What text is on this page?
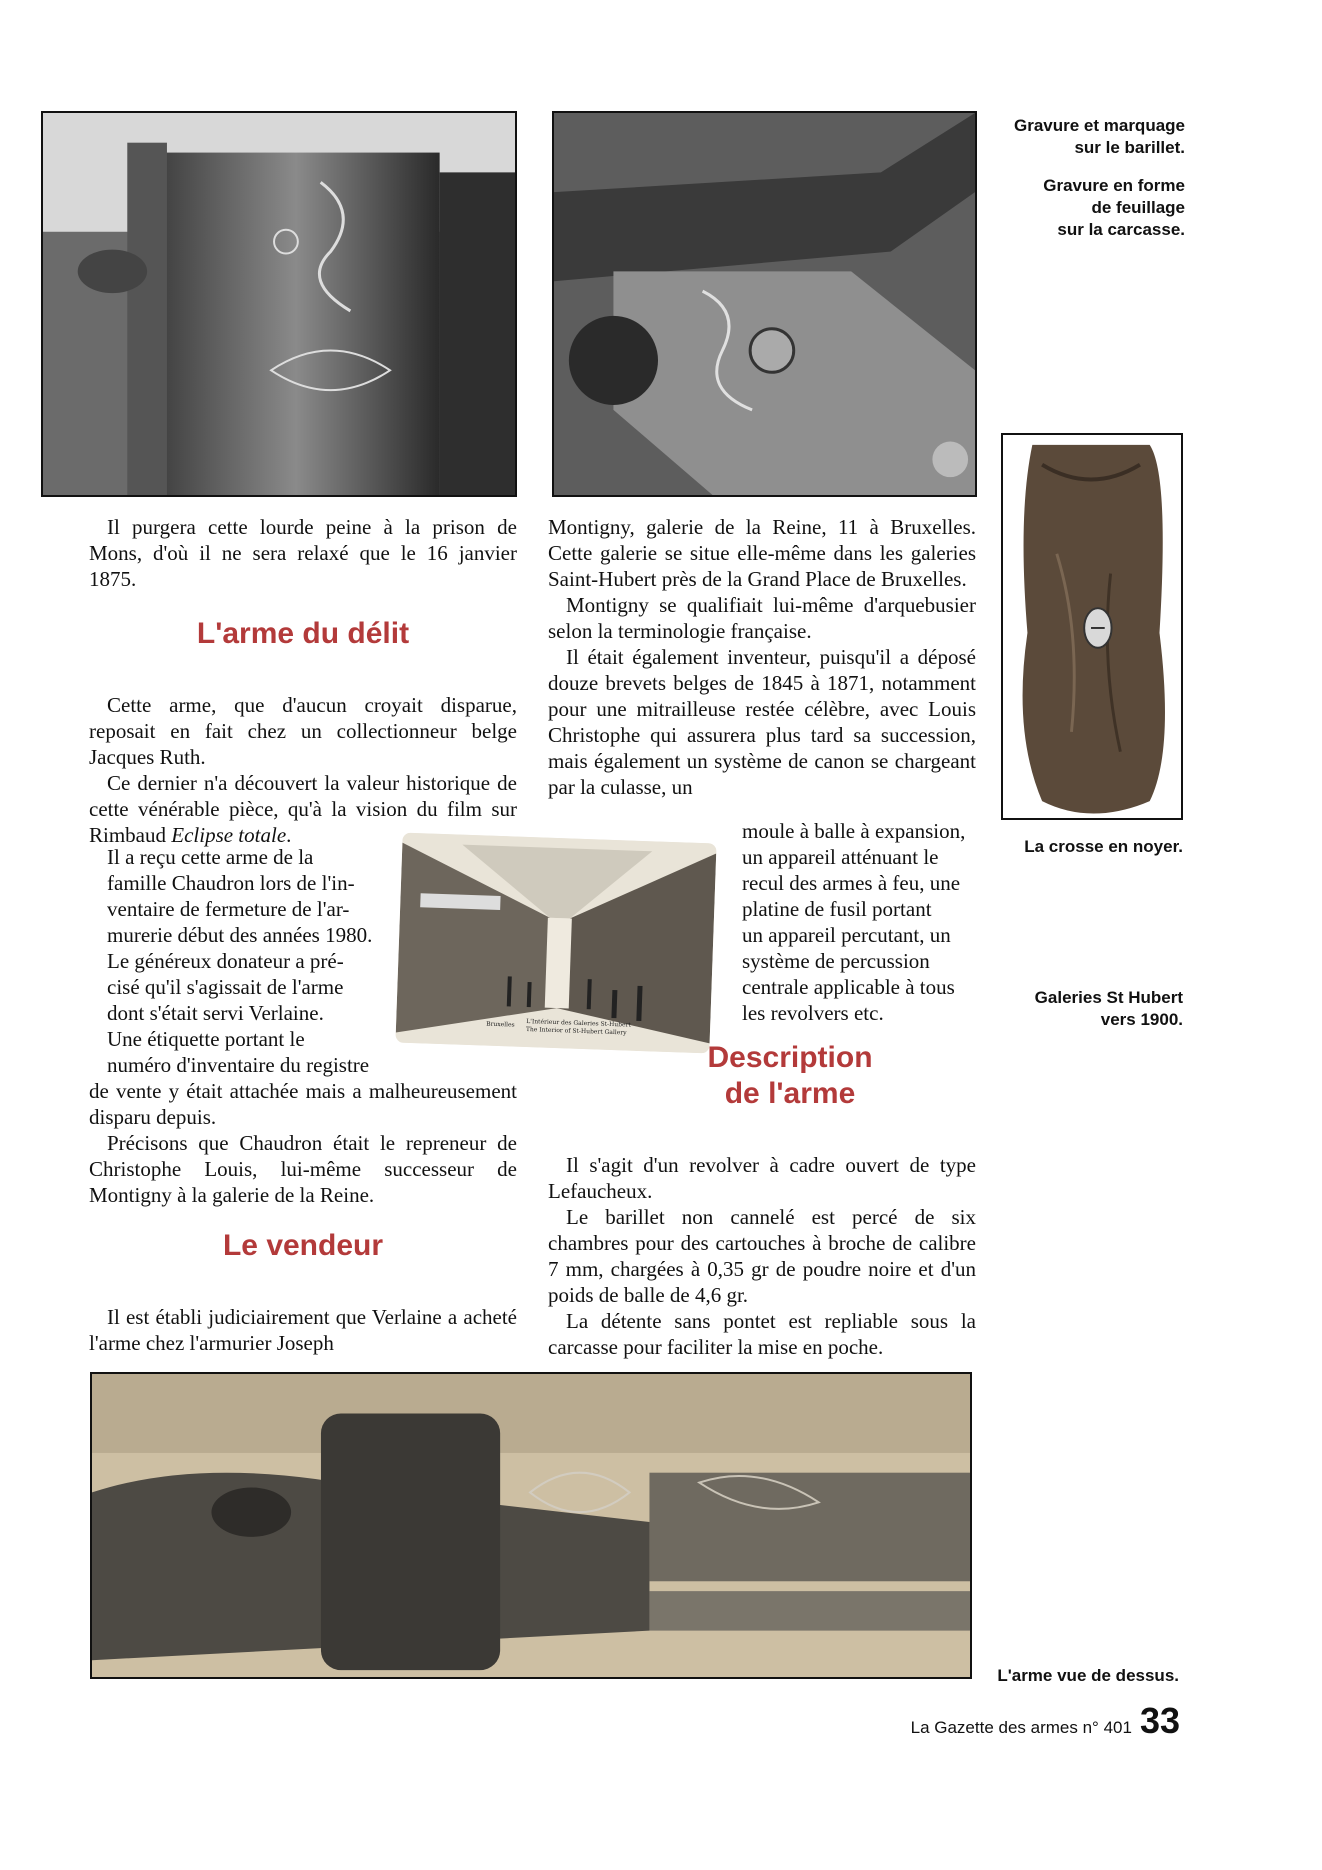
L'Intérieur des Galeries St-Hubert
The Interior of St-Hubert Gallery
Bruxelles
Gravure et marquage
sur le barillet.
Gravure en forme
de feuillage
sur la carcasse.
La crosse en noyer.
Galeries St Hubert
vers 1900.
L'arme vue de dessus.

Il purgera cette lourde peine à la prison de Mons, d'où il ne sera relaxé que le 16 janvier 1875.

L'arme du délit

Cette arme, que d'aucun croyait disparue, reposait en fait chez un collectionneur belge Jacques Ruth.

Ce dernier n'a découvert la valeur historique de cette vénérable pièce, qu'à la vision du film sur Rimbaud Eclipse totale.

Il a reçu cette arme de la

famille Chaudron lors de l'in-

ventaire de fermeture de l'ar-

murerie début des années 1980.

Le généreux donateur a pré-

cisé qu'il s'agissait de l'arme

dont s'était servi Verlaine.

Une étiquette portant le

numéro d'inventaire du registre

de vente y était attachée mais a malheureusement disparu depuis.

Précisons que Chaudron était le repreneur de Christophe Louis, lui-même successeur de Montigny à la galerie de la Reine.

Le vendeur

Il est établi judiciairement que Verlaine a acheté l'arme chez l'armurier Joseph

Montigny, galerie de la Reine, 11 à Bruxelles. Cette galerie se situe elle-même dans les galeries Saint-Hubert près de la Grand Place de Bruxelles.

Montigny se qualifiait lui-même d'arquebusier selon la terminologie française.

Il était également inventeur, puisqu'il a déposé douze brevets belges de 1845 à 1871, notamment pour une mitrailleuse restée célèbre, avec Louis Christophe qui assurera plus tard sa succession, mais également un système de canon se chargeant par la culasse, un

moule à balle à expansion,

un appareil atténuant le

recul des armes à feu, une

platine de fusil portant

un appareil percutant, un

système de percussion

centrale applicable à tous

les revolvers etc.

Description
de l'arme

Il s'agit d'un revolver à cadre ouvert de type Lefaucheux.

Le barillet non cannelé est percé de six chambres pour des cartouches à broche de calibre 7 mm, chargées à 0,35 gr de poudre noire et d'un poids de balle de 4,6 gr.

La détente sans pontet est repliable sous la carcasse pour faciliter la mise en poche.

La Gazette des armes n° 401 33
